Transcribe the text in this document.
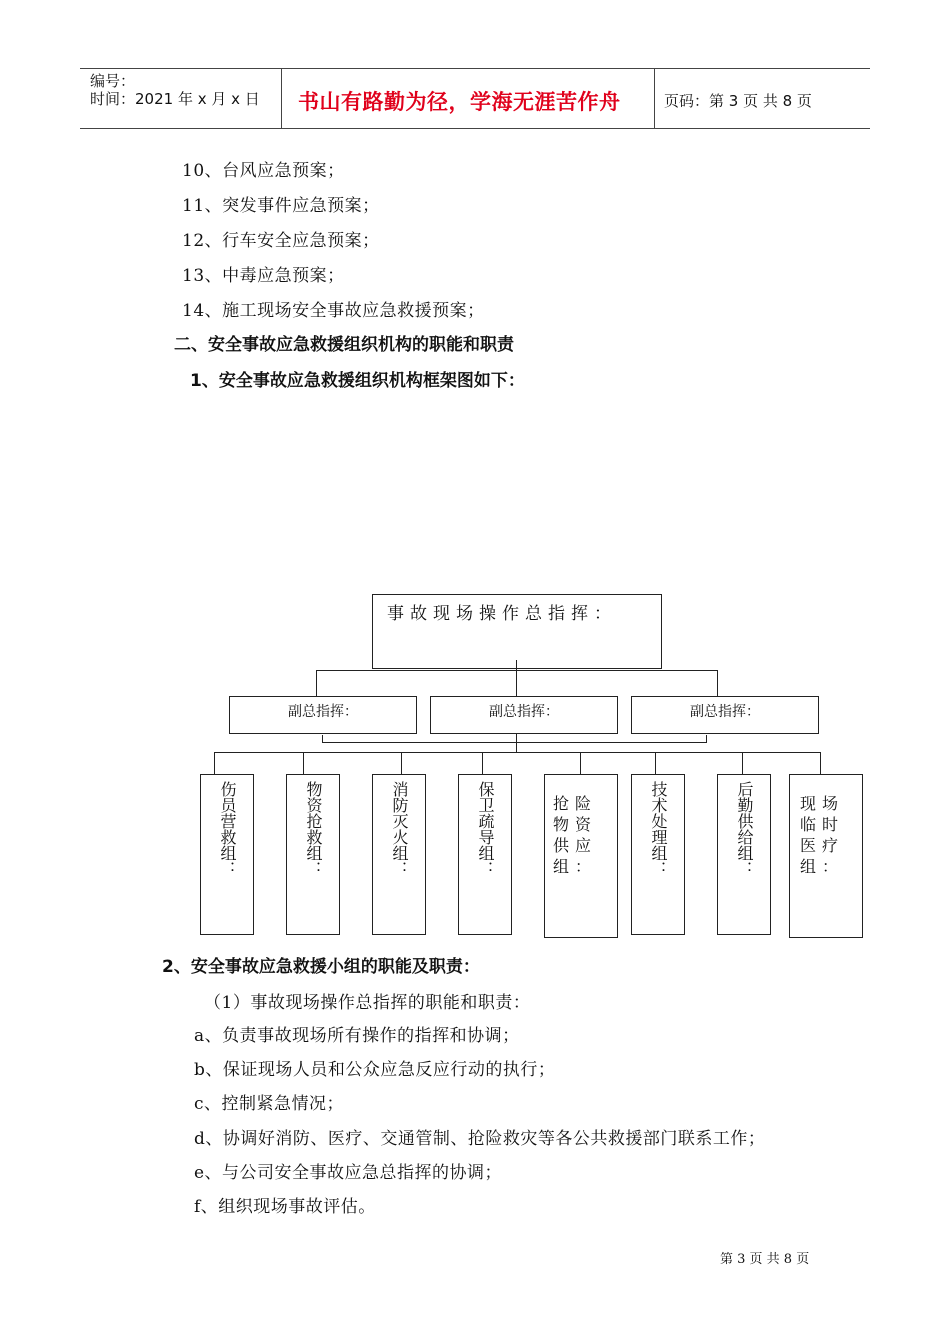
编号：
时间：2021 年 x 月 x 日 书山有路勤为径，学海无涯苦作舟	页码：第 3 页 共 8 页
10、台风应急预案；
11、突发事件应急预案；
12、行车安全应急预案；
13、中毒应急预案；
14、施工现场安全事故应急救援预案；
二、安全事故应急救援组织机构的职能和职责
1、安全事故应急救援组织机构框架图如下：
事故现场操作总指挥：
副总指挥：	副总指挥：	副总指挥：
伤员营救组：	物资抢救组：	消防灭火组：	保卫疏导组：	抢险物资供应组：	技术处理组：	后勤供给组：	现场临时医疗组：
2、安全事故应急救援小组的职能及职责：
（1）事故现场操作总指挥的职能和职责：
a、负责事故现场所有操作的指挥和协调；
b、保证现场人员和公众应急反应行动的执行；
c、控制紧急情况；
d、协调好消防、医疗、交通管制、抢险救灾等各公共救援部门联系工作；
e、与公司安全事故应急总指挥的协调；
f、组织现场事故评估。
第 3 页 共 8 页
